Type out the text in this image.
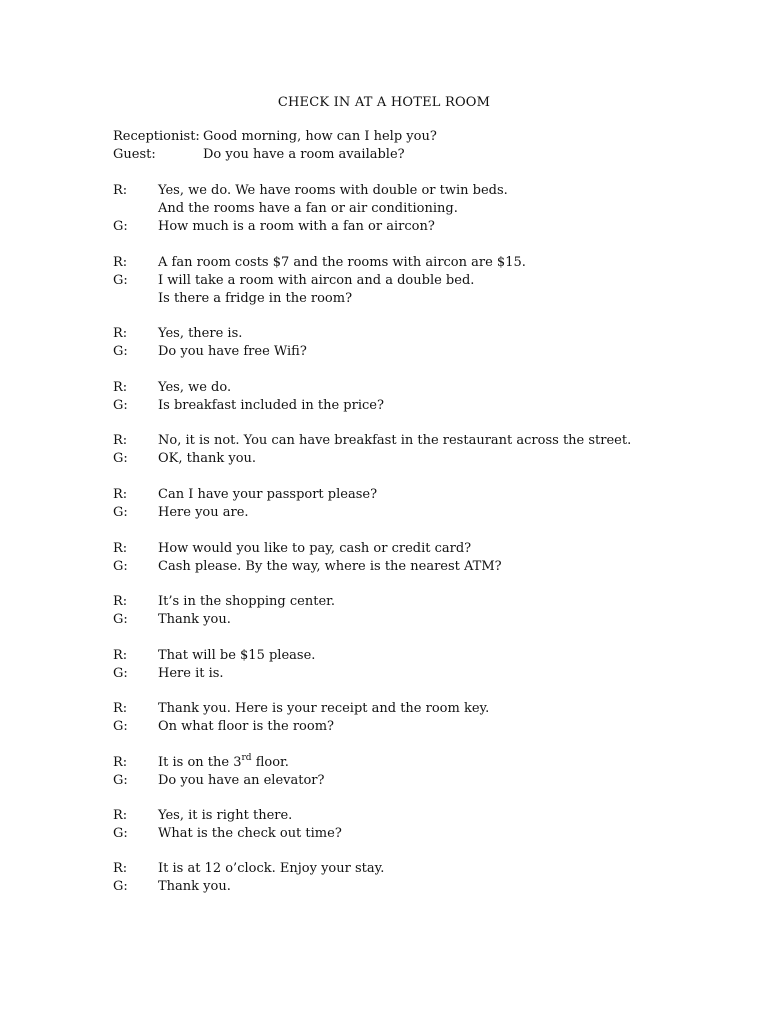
CHECK IN AT A HOTEL ROOM
Receptionist: Good morning, how can I help you?
Guest:	Do you have a room available?
R: Yes, we do. We have rooms with double or twin beds.
And the rooms have a fan or air conditioning.
G: How much is a room with a fan or aircon?
R: A fan room costs $7 and the rooms with aircon are $15.
G: I will take a room with aircon and a double bed.
Is there a fridge in the room?
R: Yes, there is.
G: Do you have free Wifi?
R: Yes, we do.
G: Is breakfast included in the price?
R: No, it is not. You can have breakfast in the restaurant across the street.
G: OK, thank you.
R: Can I have your passport please?
G: Here you are.
R: How would you like to pay, cash or credit card?
G: Cash please. By the way, where is the nearest ATM?
R: It’s in the shopping center.
G: Thank you.
R: That will be $15 please.
G: Here it is.
R: Thank you. Here is your receipt and the room key.
G: On what floor is the room?
R: It is on the 3rd floor.
G: Do you have an elevator?
R: Yes, it is right there.
G: What is the check out time?
R: It is at 12 o’clock. Enjoy your stay.
G: Thank you.
